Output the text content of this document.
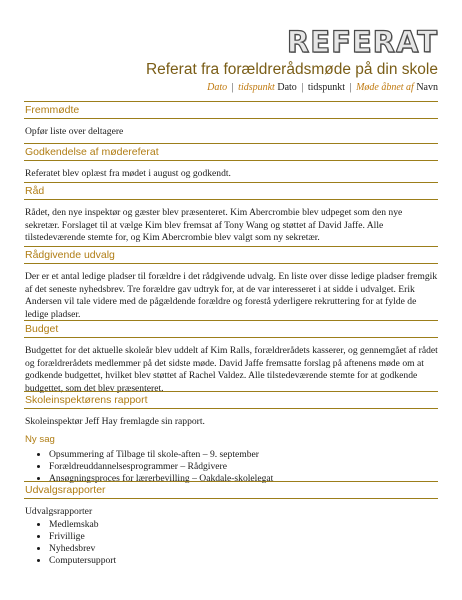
REFERAT
Referat fra forældrerådsmøde på din skole
Dato | tidspunkt Dato | tidspunkt | Møde åbnet af Navn
Fremmødte

Opfør liste over deltagere

Godkendelse af mødereferat

Referatet blev oplæst fra mødet i august og godkendt.

Råd

Rådet, den nye inspektør og gæster blev præsenteret. Kim Abercrombie blev udpeget som den nye sekretær. Forslaget til at vælge Kim blev fremsat af Tony Wang og støttet af David Jaffe. Alle tilstedeværende stemte for, og Kim Abercrombie blev valgt som ny sekretær.

Rådgivende udvalg

Der er et antal ledige pladser til forældre i det rådgivende udvalg. En liste over disse ledige pladser fremgik af det seneste nyhedsbrev. Tre forældre gav udtryk for, at de var interesseret i at sidde i udvalget. Erik Andersen vil tale videre med de pågældende forældre og forestå yderligere rekruttering for at fylde de ledige pladser.

Budget

Budgettet for det aktuelle skoleår blev uddelt af Kim Ralls, forældrerådets kasserer, og gennemgået af rådet og forældrerådets medlemmer på det sidste møde. David Jaffe fremsatte forslag på aftenens møde om at godkende budgettet, hvilket blev støttet af Rachel Valdez. Alle tilstedeværende stemte for at godkende budgettet, som det blev præsenteret.

Skoleinspektørens rapport

Skoleinspektør Jeff Hay fremlagde sin rapport.

Ny sag
• Opsummering af Tilbage til skole-aften – 9. september
• Forældreuddannelsesprogrammer – Rådgivere
• Ansøgningsproces for lærerbevilling – Oakdale-skolelegat
Udvalgsrapporter

Udvalgsrapporter

• Medlemskab
• Frivillige
• Nyhedsbrev
• Computersupport
